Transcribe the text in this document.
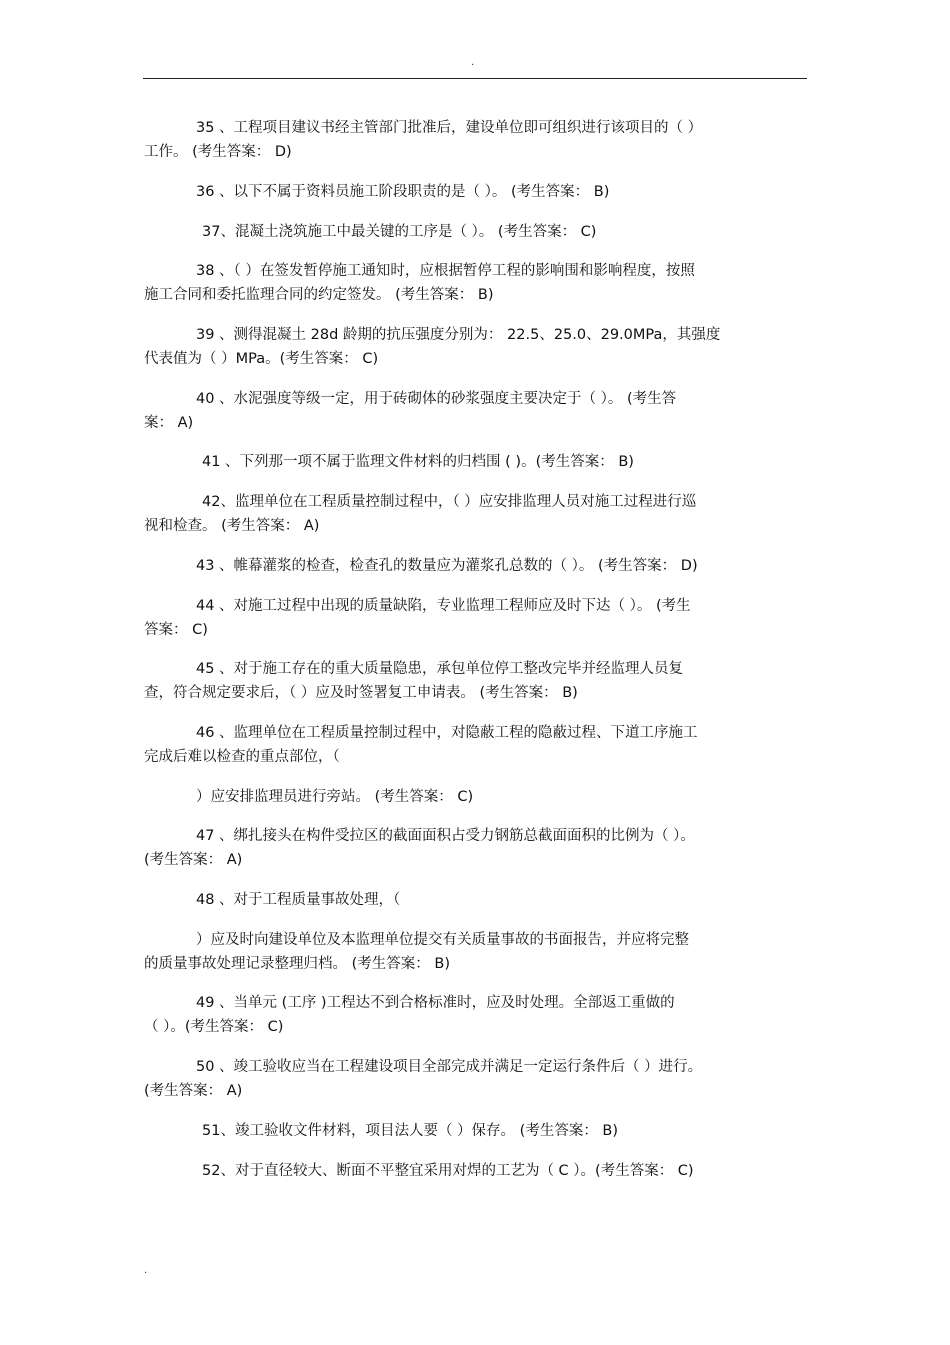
.
35 、工程项目建议书经主管部门批准后，建设单位即可组织进行该项目的（ ）
工作。 (考生答案： D)
36 、以下不属于资料员施工阶段职责的是（ ）。 (考生答案： B)
37、混凝土浇筑施工中最关键的工序是（ ）。 (考生答案： C)
38 、（ ）在签发暂停施工通知时，应根据暂停工程的影响围和影响程度，按照
施工合同和委托监理合同的约定签发。 (考生答案： B)
39 、测得混凝土 28d 龄期的抗压强度分别为： 22.5、25.0、29.0MPa，其强度
代表值为（ ）MPa。(考生答案： C)
40 、水泥强度等级一定，用于砖砌体的砂浆强度主要决定于（ ）。 (考生答
案： A)
41 、下列那一项不属于监理文件材料的归档围 ( )。(考生答案： B)
42、监理单位在工程质量控制过程中，（ ）应安排监理人员对施工过程进行巡
视和检查。 (考生答案： A)
43 、帷幕灌浆的检查，检查孔的数量应为灌浆孔总数的（ ）。 (考生答案： D)
44 、对施工过程中出现的质量缺陷，专业监理工程师应及时下达（ ）。 (考生
答案： C)
45 、对于施工存在的重大质量隐患，承包单位停工整改完毕并经监理人员复
查，符合规定要求后，（ ）应及时签署复工申请表。 (考生答案： B)
46 、监理单位在工程质量控制过程中，对隐蔽工程的隐蔽过程、下道工序施工
完成后难以检查的重点部位，（
）应安排监理员进行旁站。 (考生答案： C)
47 、绑扎接头在构件受拉区的截面面积占受力钢筋总截面面积的比例为（ ）。
(考生答案： A)
48 、对于工程质量事故处理，（
）应及时向建设单位及本监理单位提交有关质量事故的书面报告，并应将完整
的质量事故处理记录整理归档。 (考生答案： B)
49 、当单元 (工序 )工程达不到合格标准时，应及时处理。全部返工重做的
（ ）。(考生答案： C)
50 、竣工验收应当在工程建设项目全部完成并满足一定运行条件后（ ）进行。
(考生答案： A)
51、竣工验收文件材料，项目法人要（ ）保存。 (考生答案： B)
52、对于直径较大、断面不平整宜采用对焊的工艺为（ C ）。(考生答案： C)
.
